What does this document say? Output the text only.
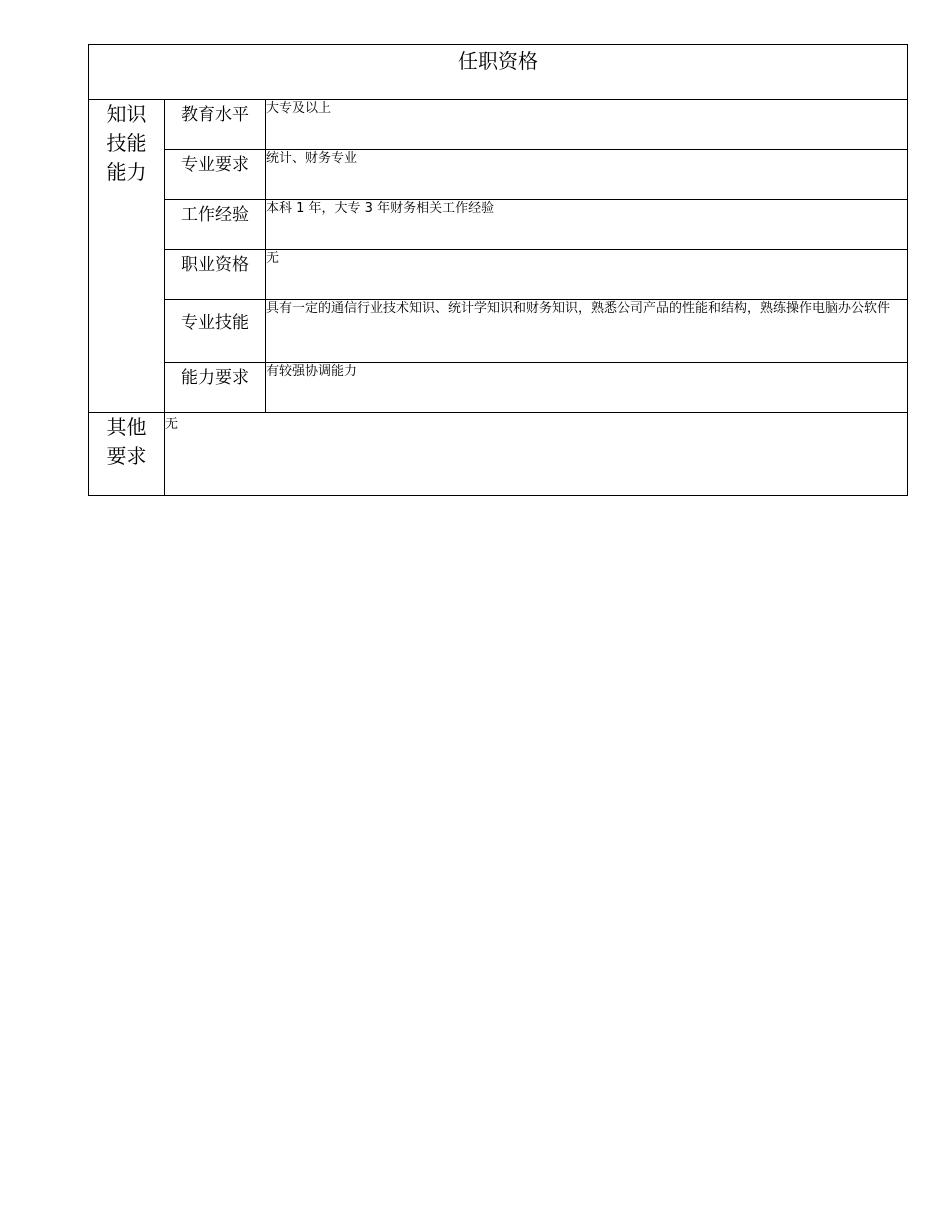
任职资格		
知识技能能力	教育水平	大专及以上
	专业要求	统计、财务专业
	工作经验	本科 1 年，大专 3 年财务相关工作经验
	职业资格	无
	专业技能	具有一定的通信行业技术知识、统计学知识和财务知识，熟悉公司产品的性能和结构，熟练操作电脑办公软件
	能力要求	有较强协调能力
其他要求	无	
